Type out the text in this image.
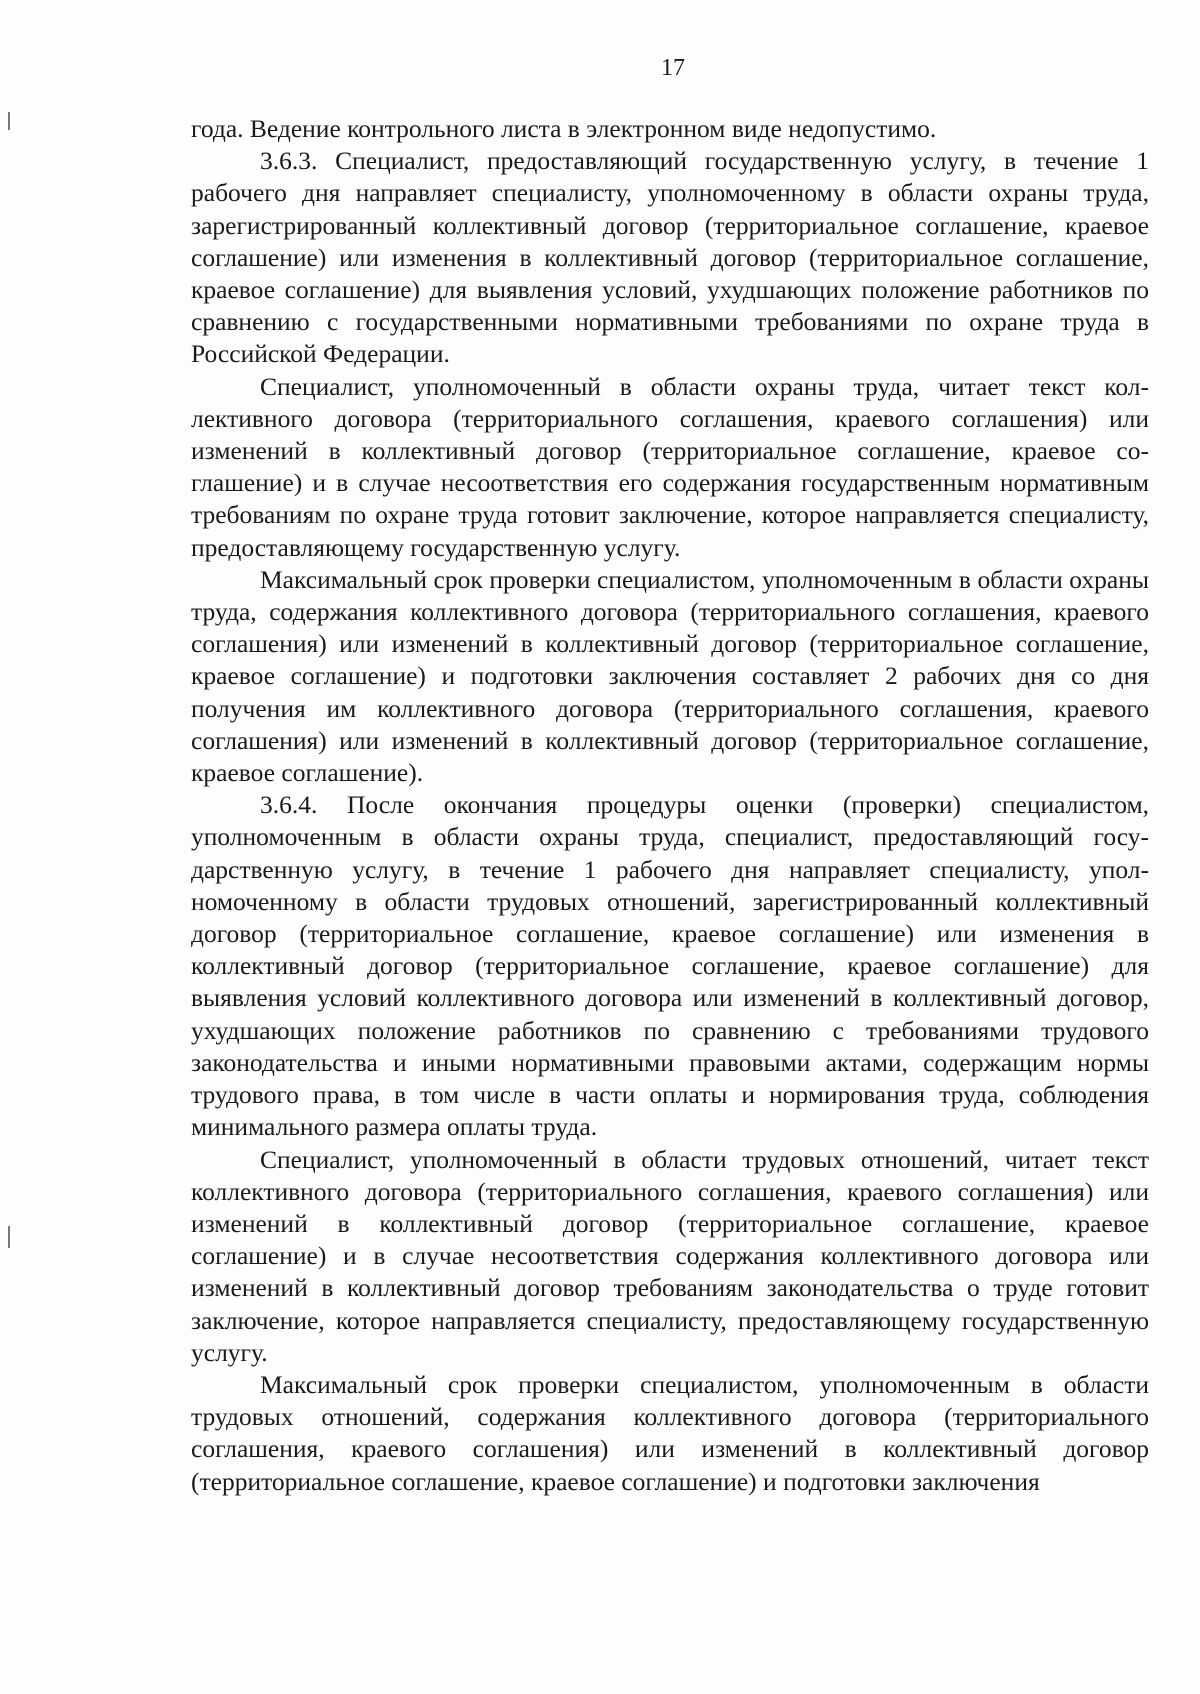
17

года. Ведение контрольного листа в электронном виде недопустимо.

3.6.3. Специалист, предоставляющий государственную услугу, в течение 1 рабочего дня направляет специалисту, уполномоченному в области охраны труда, зарегистрированный коллективный договор (территориальное соглашение, краевое соглашение) или изменения в коллективный договор (территориальное соглашение, краевое соглашение) для выявления условий, ухудшающих положение работников по сравнению с государственными нормативными требованиями по охране труда в Российской Федерации.

Специалист, уполномоченный в области охраны труда, читает текст коллективного договора (территориального соглашения, краевого соглашения) или изменений в коллективный договор (территориальное соглашение, краевое соглашение) и в случае несоответствия его содержания государственным нормативным требованиям по охране труда готовит заключение, которое направляется специалисту, предоставляющему государственную услугу.

Максимальный срок проверки специалистом, уполномоченным в области охраны труда, содержания коллективного договора (территориального соглашения, краевого соглашения) или изменений в коллективный договор (территориальное соглашение, краевое соглашение) и подготовки заключения составляет 2 рабочих дня со дня получения им коллективного договора (территориального соглашения, краевого соглашения) или изменений в коллективный договор (территориальное соглашение, краевое соглашение).

3.6.4. После окончания процедуры оценки (проверки) специалистом, уполномоченным в области охраны труда, специалист, предоставляющий государственную услугу, в течение 1 рабочего дня направляет специалисту, уполномоченному в области трудовых отношений, зарегистрированный коллективный договор (территориальное соглашение, краевое соглашение) или изменения в коллективный договор (территориальное соглашение, краевое соглашение) для выявления условий коллективного договора или изменений в коллективный договор, ухудшающих положение работников по сравнению с требованиями трудового законодательства и иными нормативными правовыми актами, содержащим нормы трудового права, в том числе в части оплаты и нормирования труда, соблюдения минимального размера оплаты труда.

Специалист, уполномоченный в области трудовых отношений, читает текст коллективного договора (территориального соглашения, краевого соглашения) или изменений в коллективный договор (территориальное соглашение, краевое соглашение) и в случае несоответствия содержания коллективного договора или изменений в коллективный договор требованиям законодательства о труде готовит заключение, которое направляется специалисту, предоставляющему государственную услугу.

Максимальный срок проверки специалистом, уполномоченным в области трудовых отношений, содержания коллективного договора (территориального соглашения, краевого соглашения) или изменений в коллективный договор (территориальное соглашение, краевое соглашение) и подготовки заключения
